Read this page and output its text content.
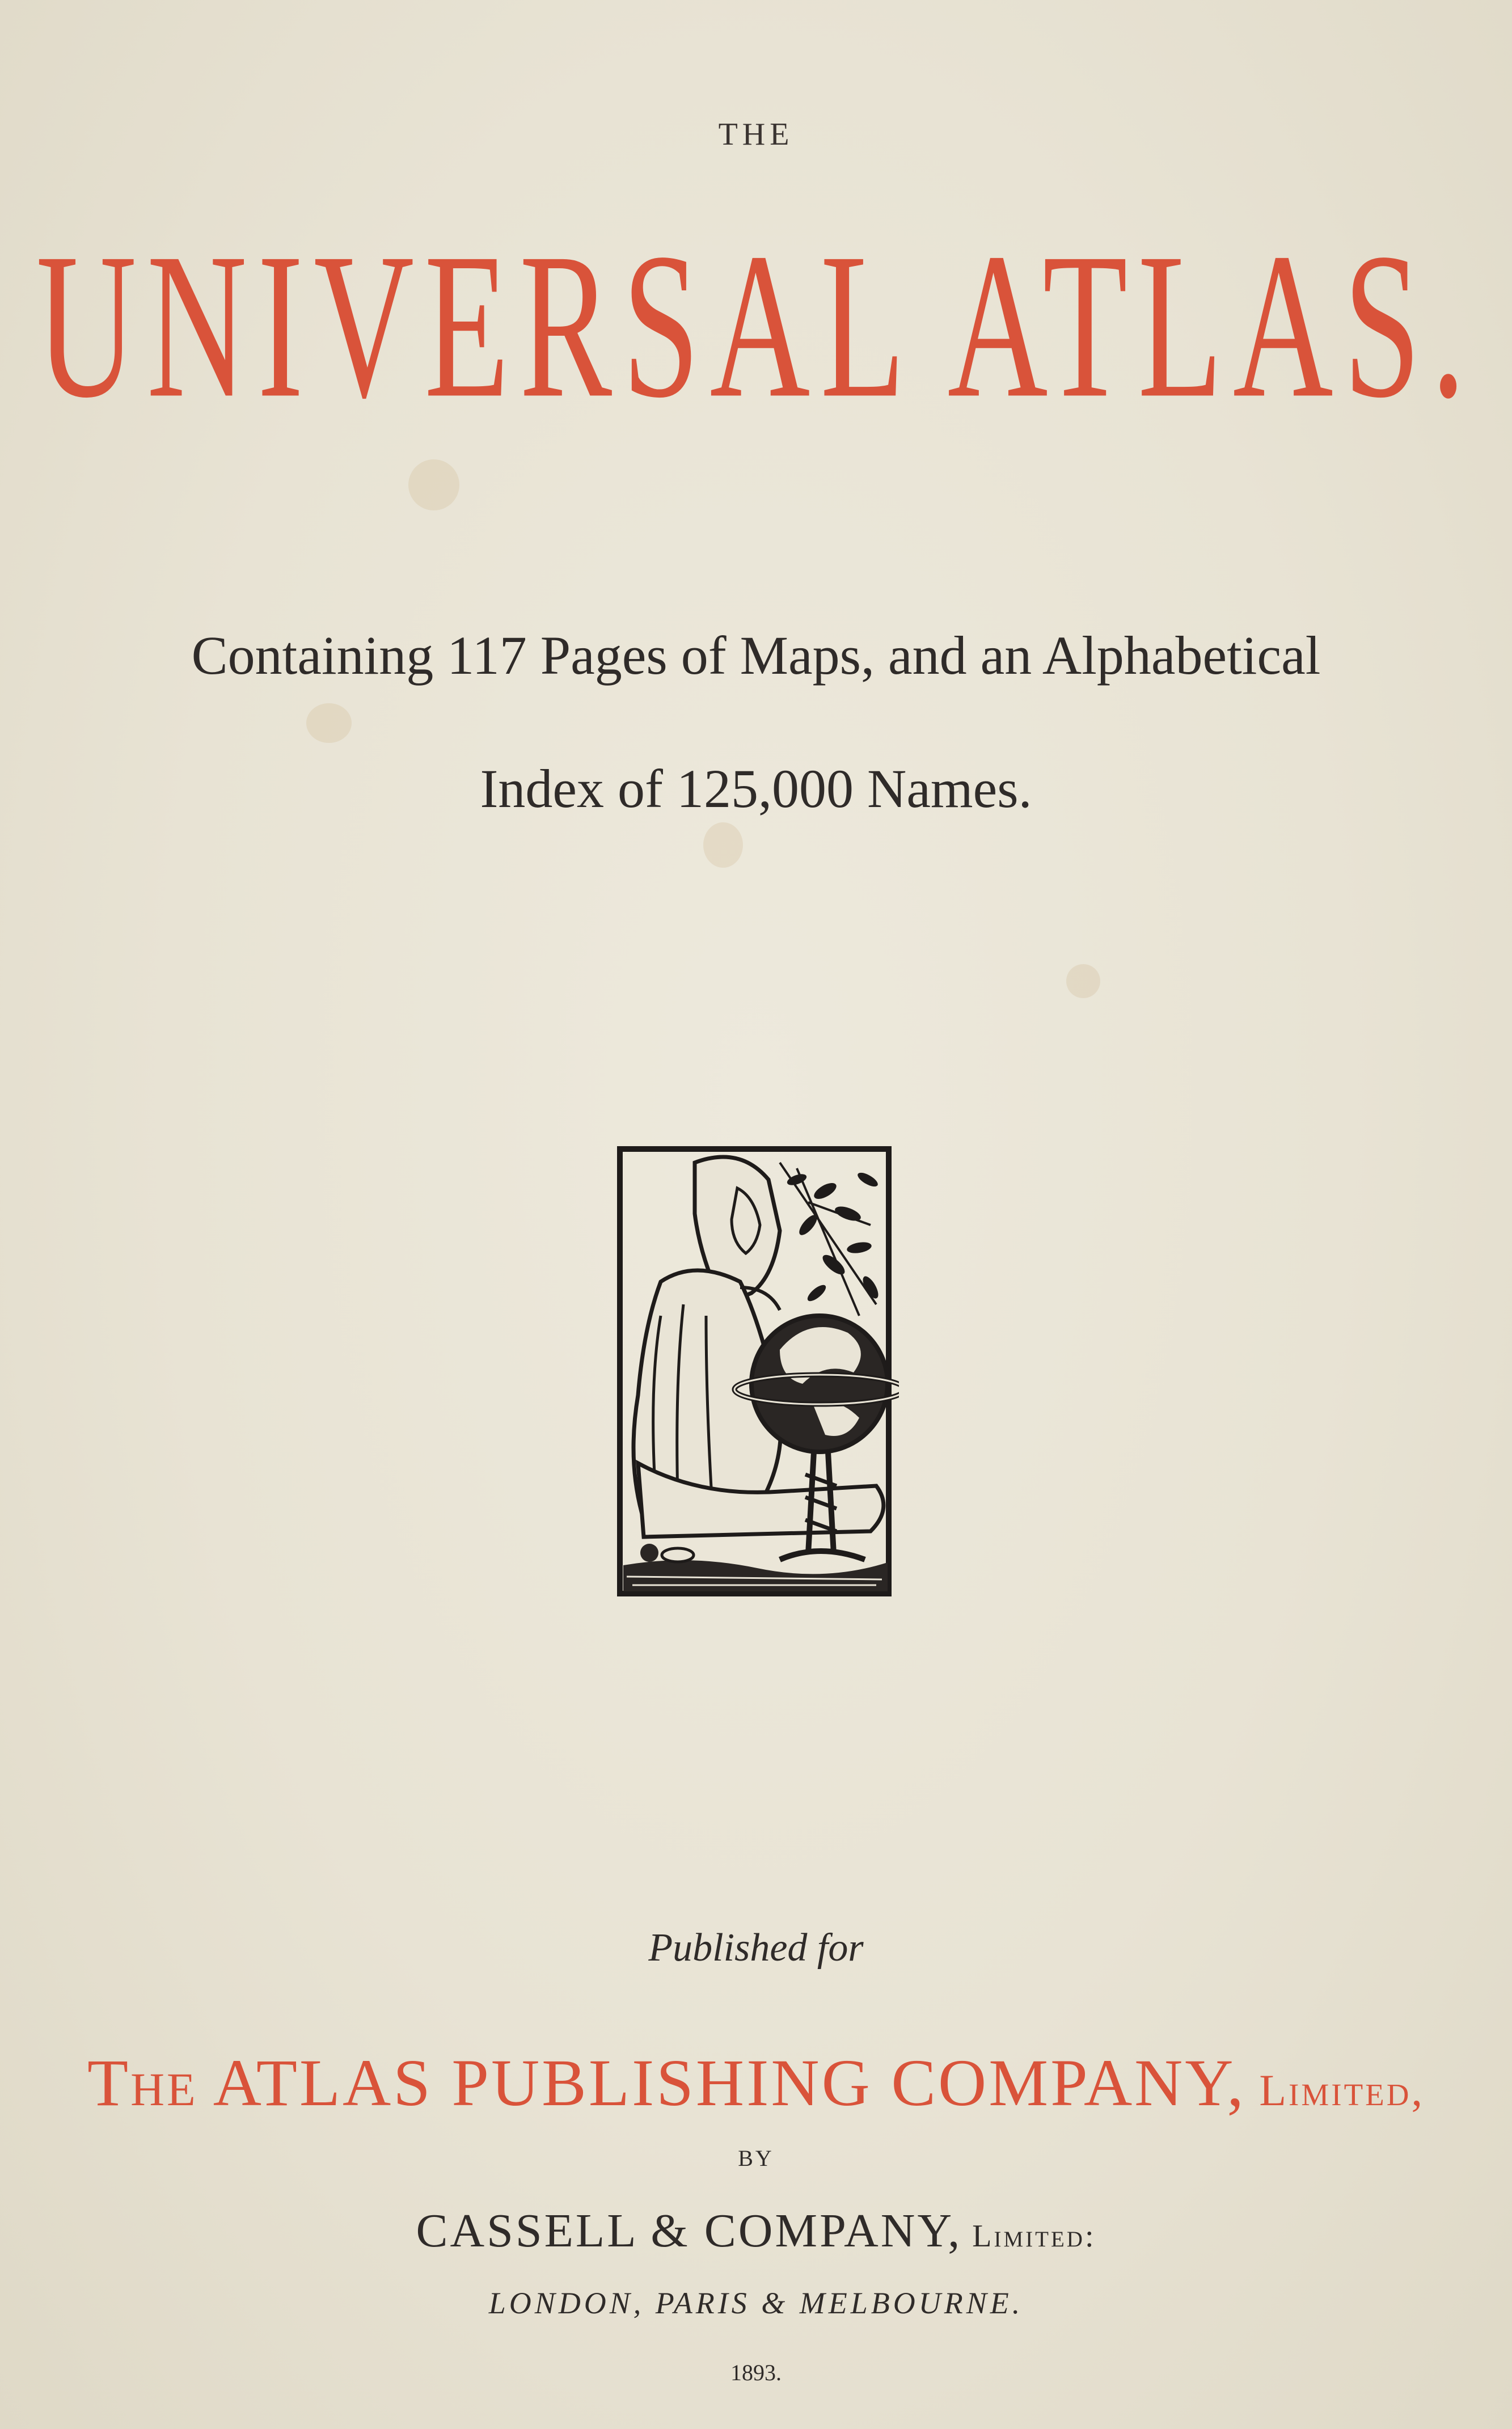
THE
UNIVERSAL ATLAS.
Containing 117 Pages of Maps, and an Alphabetical
Index of 125,000 Names.
Published for
The ATLAS PUBLISHING COMPANY, Limited,
BY
CASSELL & COMPANY, Limited:
LONDON, PARIS & MELBOURNE.
1893.
